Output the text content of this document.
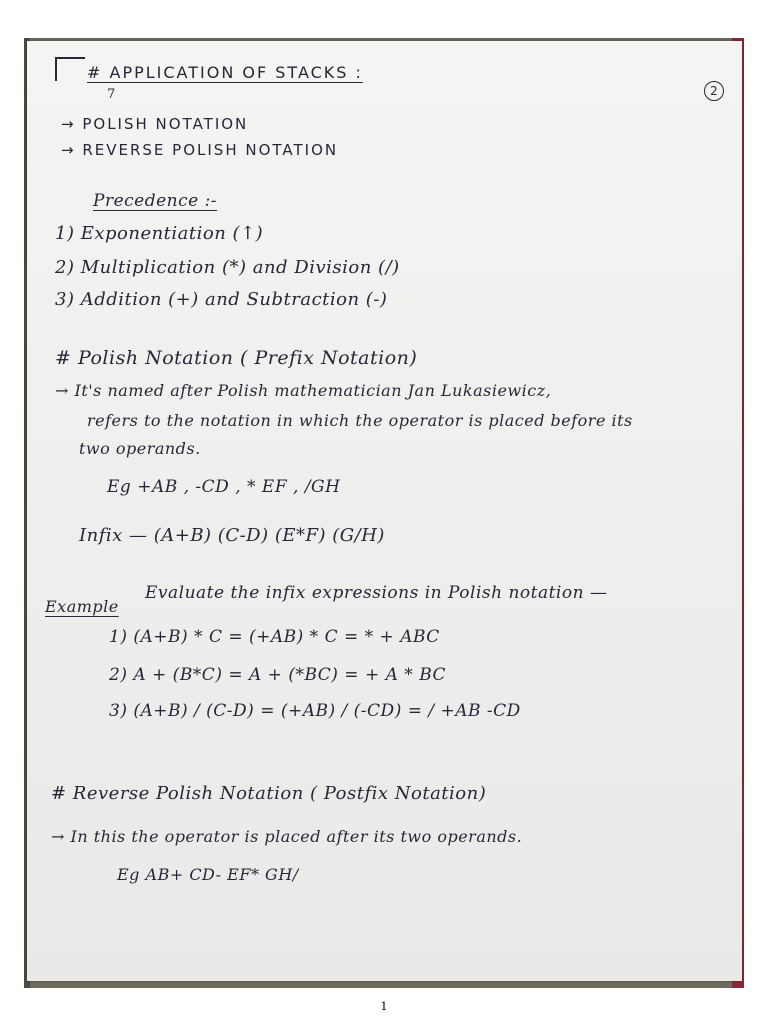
2
# APPLICATION OF STACKS :
7
→ POLISH NOTATION
→ REVERSE POLISH NOTATION
Precedence :-
1) Exponentiation (↑)
2) Multiplication (*) and Division (/)
3) Addition (+) and Subtraction (-)
# Polish Notation ( Prefix Notation)
→ It's named after Polish mathematician Jan Lukasiewicz,
refers to the notation in which the operator is placed before its
two operands.
Eg +AB , -CD , * EF , /GH
Infix — (A+B) (C-D) (E*F) (G/H)
Example
Evaluate the infix expressions in Polish notation —
1) (A+B) * C = (+AB) * C = * + ABC
2) A + (B*C) = A + (*BC) = + A * BC
3) (A+B) / (C-D) = (+AB) / (-CD) = / +AB -CD
# Reverse Polish Notation ( Postfix Notation)
→ In this the operator is placed after its two operands.
Eg AB+ CD- EF* GH/
1
